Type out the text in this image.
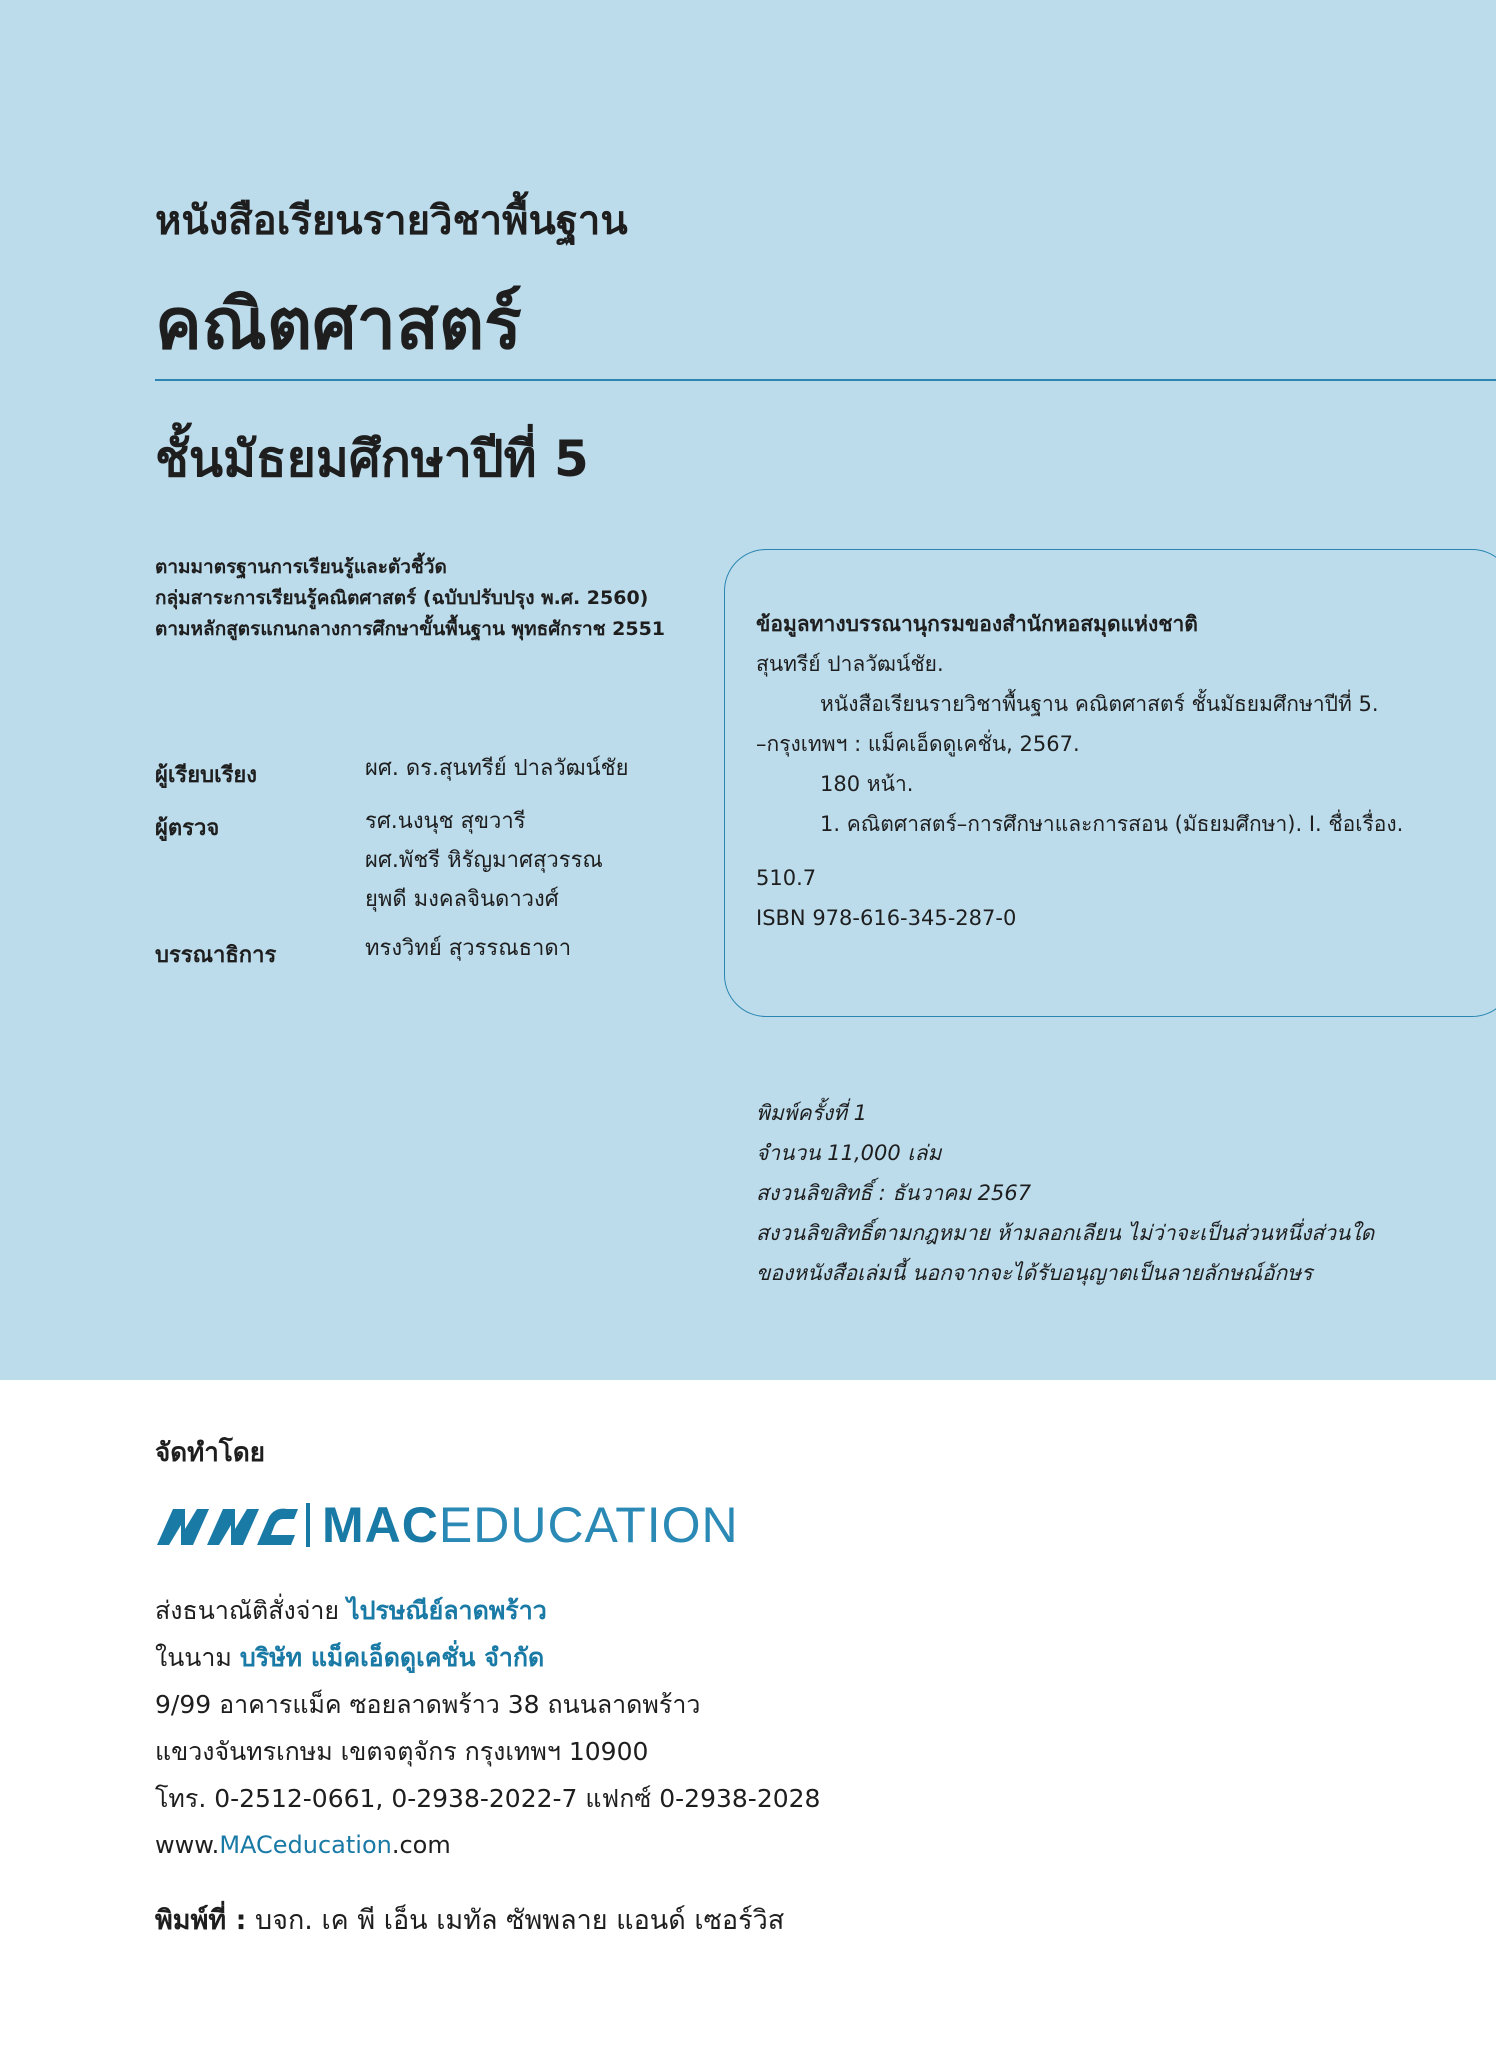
หนังสือเรียนรายวิชาพื้นฐาน
คณิตศาสตร์
ชั้นมัธยมศึกษาปีที่ 5
ตามมาตรฐานการเรียนรู้และตัวชี้วัด
กลุ่มสาระการเรียนรู้คณิตศาสตร์ (ฉบับปรับปรุง พ.ศ. 2560)
ตามหลักสูตรแกนกลางการศึกษาขั้นพื้นฐาน พุทธศักราช 2551
ผู้เรียบเรียง	ผศ. ดร.สุนทรีย์ ปาลวัฒน์ชัย
ผู้ตรวจ	รศ.นงนุช สุขวารี
ผศ.พัชรี หิรัญมาศสุวรรณ
ยุพดี มงคลจินดาวงศ์
บรรณาธิการ	ทรงวิทย์ สุวรรณธาดา
ข้อมูลทางบรรณานุกรมของสำนักหอสมุดแห่งชาติ
สุนทรีย์ ปาลวัฒน์ชัย.
หนังสือเรียนรายวิชาพื้นฐาน คณิตศาสตร์ ชั้นมัธยมศึกษาปีที่ 5.
–กรุงเทพฯ : แม็คเอ็ดดูเคชั่น, 2567.
180 หน้า.
1. คณิตศาสตร์–การศึกษาและการสอน (มัธยมศึกษา). I. ชื่อเรื่อง.
510.7
ISBN 978-616-345-287-0
พิมพ์ครั้งที่ 1
จำนวน 11,000 เล่ม
สงวนลิขสิทธิ์ : ธันวาคม 2567
สงวนลิขสิทธิ์ตามกฎหมาย ห้ามลอกเลียน ไม่ว่าจะเป็นส่วนหนึ่งส่วนใด
ของหนังสือเล่มนี้ นอกจากจะได้รับอนุญาตเป็นลายลักษณ์อักษร
จัดทำโดย
MACEDUCATION
ส่งธนาณัติสั่งจ่าย ไปรษณีย์ลาดพร้าว
ในนาม บริษัท แม็คเอ็ดดูเคชั่น จำกัด
9/99 อาคารแม็ค ซอยลาดพร้าว 38 ถนนลาดพร้าว
แขวงจันทรเกษม เขตจตุจักร กรุงเทพฯ 10900
โทร. 0-2512-0661, 0-2938-2022-7 แฟกซ์ 0-2938-2028
www.MACeducation.com
พิมพ์ที่ : บจก. เค พี เอ็น เมทัล ซัพพลาย แอนด์ เซอร์วิส
